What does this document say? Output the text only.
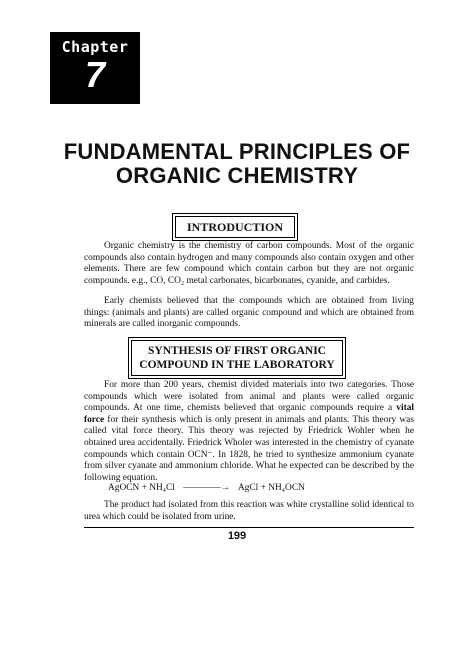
Chapter
7
FUNDAMENTAL PRINCIPLES OF
ORGANIC CHEMISTRY
INTRODUCTION

Organic chemistry is the chemistry of carbon compounds. Most of the organic compounds also contain hydrogen and many compounds also contain oxygen and other elements. There are few compound which contain carbon but they are not organic compounds. e.g., CO, CO₂ metal carbonates, bicarbonates, cyanide, and carbides.

Early chemists believed that the compounds which are obtained from living things: (animals and plants) are called organic compound and which are obtained from minerals are called inorganic compounds.

SYNTHESIS OF FIRST ORGANIC
COMPOUND IN THE LABORATORY

For more than 200 years, chemist divided materials into two categories. Those compounds which were isolated from animal and plants were called organic compounds. At one time, chemists believed that organic compounds require a vital force for their synthesis which is only present in animals and plants. This theory was called vital force theory. This theory was rejected by Friedrick Wohler when he obtained urea accidentally. Friedrick Wholer was interested in the chemistry of cyanate compounds which contain OCN⁻. In 1828, he tried to synthesize ammonium cyanate from silver cyanate and ammonium chloride. What he expected can be described by the following equation.

AgOCN + NH₄Cl ————→ AgCl + NH₄OCN

The product had isolated from this reaction was white crystalline solid identical to urea which could be isolated from urine.

199
